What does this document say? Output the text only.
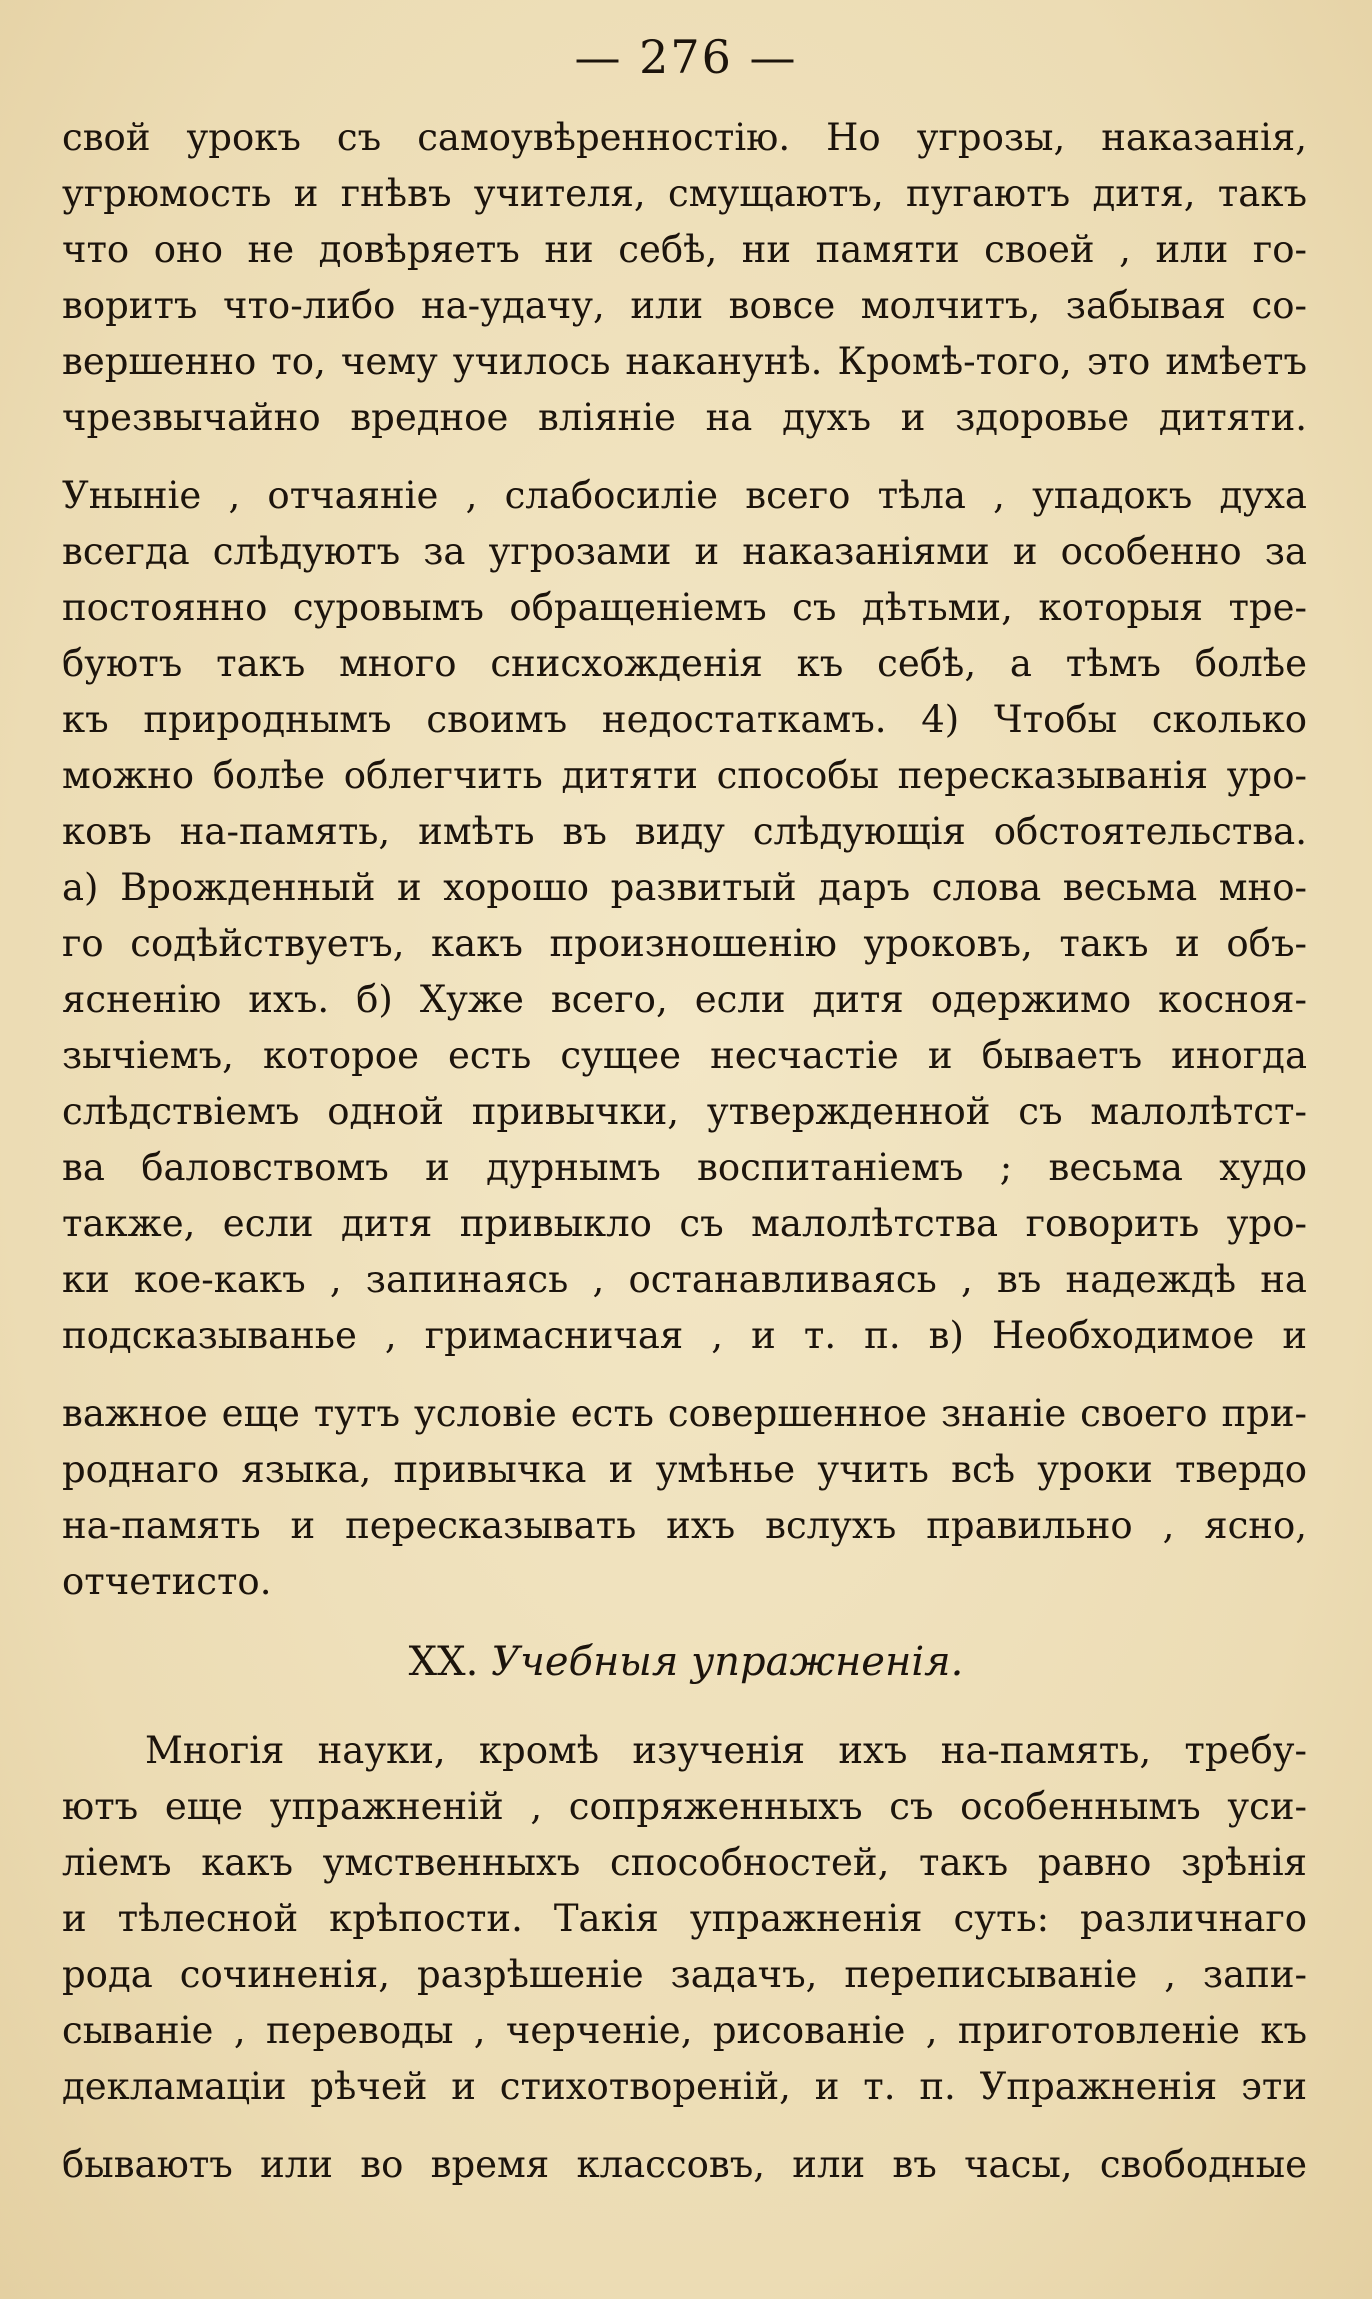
— 276 —
свой урокъ съ самоувѣренностію. Но угрозы, наказанія,
угрюмость и гнѣвъ учителя, смущаютъ, пугаютъ дитя, такъ
что оно не довѣряетъ ни себѣ, ни памяти своей , или го-
воритъ что-либо на-удачу, или вовсе молчитъ, забывая со-
вершенно то, чему училось наканунѣ. Кромѣ-того, это имѣетъ
чрезвычайно вредное вліяніе на духъ и здоровье дитяти.
Уныніе , отчаяніе , слабосиліе всего тѣла , упадокъ духа
всегда слѣдуютъ за угрозами и наказаніями и особенно за
постоянно суровымъ обращеніемъ съ дѣтьми, которыя тре-
буютъ такъ много снисхожденія къ себѣ, а тѣмъ болѣе
къ природнымъ своимъ недостаткамъ. 4) Чтобы сколько
можно болѣе облегчить дитяти способы пересказыванія уро-
ковъ на-память, имѣть въ виду слѣдующія обстоятельства.
а) Врожденный и хорошо развитый даръ слова весьма мно-
го содѣйствуетъ, какъ произношенію уроковъ, такъ и объ-
ясненію ихъ. б) Хуже всего, если дитя одержимо косноя-
зычіемъ, которое есть сущее несчастіе и бываетъ иногда
слѣдствіемъ одной привычки, утвержденной съ малолѣтст-
ва баловствомъ и дурнымъ воспитаніемъ ; весьма худо
также, если дитя привыкло съ малолѣтства говорить уро-
ки кое-какъ , запинаясь , останавливаясь , въ надеждѣ на
подсказыванье , гримасничая , и т. п. в) Необходимое и
важное еще тутъ условіе есть совершенное знаніе своего при-
роднаго языка, привычка и умѣнье учить всѣ уроки твердо
на-память и пересказывать ихъ вслухъ правильно , ясно,
отчетисто.
XX. Учебныя упражненія.
Многія науки, кромѣ изученія ихъ на-память, требу-
ютъ еще упражненій , сопряженныхъ съ особеннымъ уси-
ліемъ какъ умственныхъ способностей, такъ равно зрѣнія
и тѣлесной крѣпости. Такія упражненія суть: различнаго
рода сочиненія, разрѣшеніе задачъ, переписываніе , запи-
сываніе , переводы , черченіе, рисованіе , приготовленіе къ
декламаціи рѣчей и стихотвореній, и т. п. Упражненія эти
бываютъ или во время классовъ, или въ часы, свободные
